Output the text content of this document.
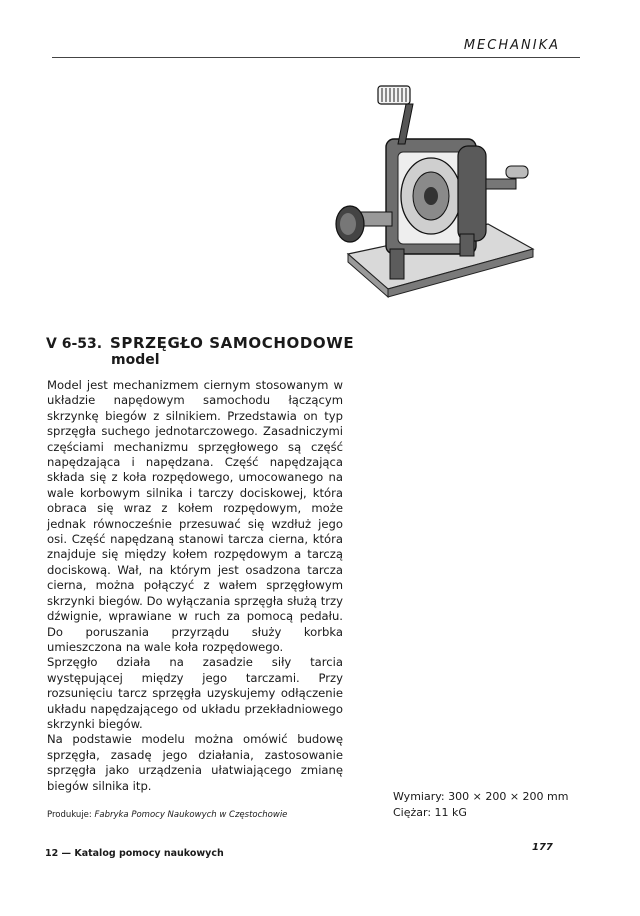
MECHANIKA
V 6-53. SPRZĘGŁO SAMOCHODOWE
model

Model jest mechanizmem ciernym stosowanym w układzie napędowym samochodu łączącym skrzynkę biegów z silnikiem. Przedstawia on typ sprzęgła suchego jednotarczowego. Zasadniczymi częściami mechanizmu sprzęgłowego są część napędzająca i napędzana. Część napędzająca składa się z koła rozpędowego, umocowanego na wale korbowym silnika i tarczy dociskowej, która obraca się wraz z kołem rozpędowym, może jednak równocześnie przesuwać się wzdłuż jego osi. Część napędzaną stanowi tarcza cierna, która znajduje się między kołem rozpędowym a tarczą dociskową. Wał, na którym jest osadzona tarcza cierna, można połączyć z wałem sprzęgłowym skrzynki biegów. Do wyłączania sprzęgła służą trzy dźwignie, wprawiane w ruch za pomocą pedału. Do poruszania przyrządu służy korbka umieszczona na wale koła rozpędowego.

Sprzęgło działa na zasadzie siły tarcia występującej między jego tarczami. Przy rozsunięciu tarcz sprzęgła uzyskujemy odłączenie układu napędzającego od układu przekładniowego skrzynki biegów.

Na podstawie modelu można omówić budowę sprzęgła, zasadę jego działania, zastosowanie sprzęgła jako urządzenia ułatwiającego zmianę biegów silnika itp.

Wymiary: 300 × 200 × 200 mm
Ciężar: 11 kG
Produkuje: Fabryka Pomocy Naukowych w Częstochowie
12 — Katalog pomocy naukowych
177
